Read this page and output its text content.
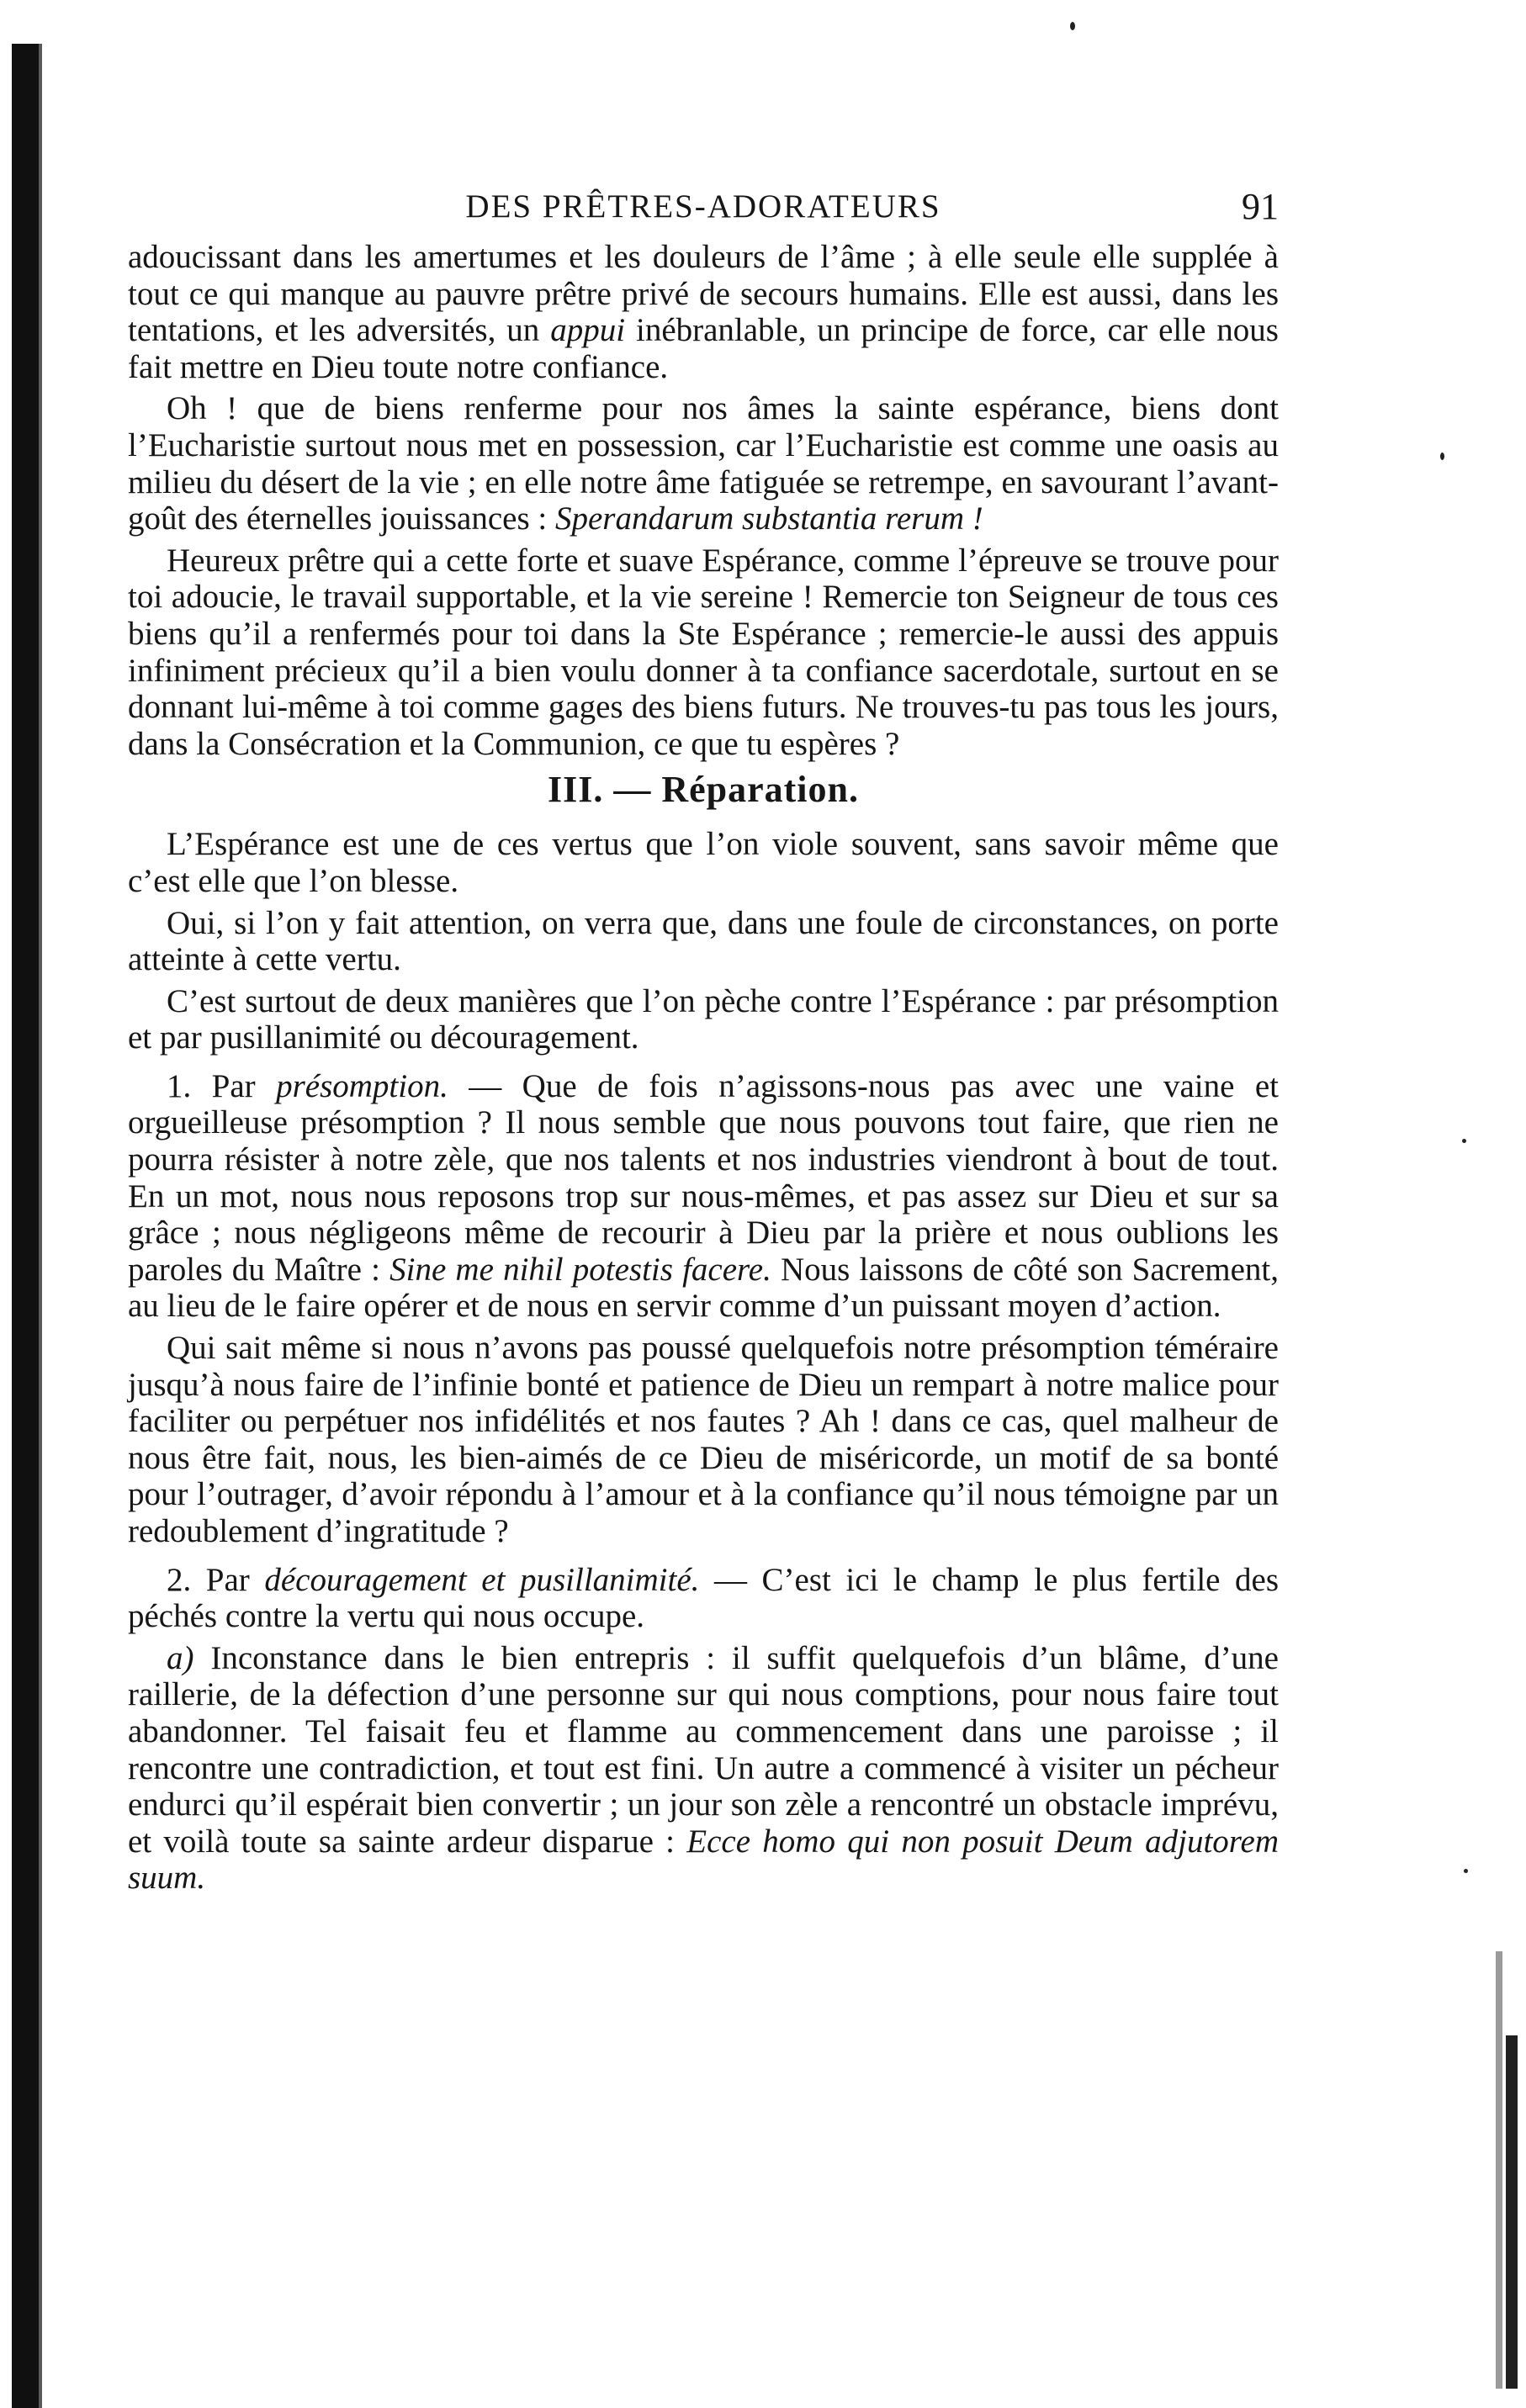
DES PRÊTRES-ADORATEURS	91

adoucissant dans les amertumes et les douleurs de l’âme ; à elle seule elle supplée à tout ce qui manque au pauvre prêtre privé de secours humains. Elle est aussi, dans les tentations, et les adversités, un appui inébranlable, un principe de force, car elle nous fait mettre en Dieu toute notre confiance.

Oh ! que de biens renferme pour nos âmes la sainte espérance, biens dont l’Eucharistie surtout nous met en possession, car l’Eucharistie est comme une oasis au milieu du désert de la vie ; en elle notre âme fatiguée se retrempe, en savourant l’avant-goût des éternelles jouissances : Sperandarum substantia rerum !

Heureux prêtre qui a cette forte et suave Espérance, comme l’épreuve se trouve pour toi adoucie, le travail supportable, et la vie sereine ! Remercie ton Seigneur de tous ces biens qu’il a renfermés pour toi dans la Ste Espérance ; remercie-le aussi des appuis infiniment précieux qu’il a bien voulu donner à ta confiance sacerdotale, surtout en se donnant lui-même à toi comme gages des biens futurs. Ne trouves-tu pas tous les jours, dans la Consécration et la Communion, ce que tu espères ?

III. — Réparation.

L’Espérance est une de ces vertus que l’on viole souvent, sans savoir même que c’est elle que l’on blesse.

Oui, si l’on y fait attention, on verra que, dans une foule de circonstances, on porte atteinte à cette vertu.

C’est surtout de deux manières que l’on pèche contre l’Espérance : par présomption et par pusillanimité ou découragement.

1. Par présomption. — Que de fois n’agissons-nous pas avec une vaine et orgueilleuse présomption ? Il nous semble que nous pouvons tout faire, que rien ne pourra résister à notre zèle, que nos talents et nos industries viendront à bout de tout. En un mot, nous nous reposons trop sur nous-mêmes, et pas assez sur Dieu et sur sa grâce ; nous négligeons même de recourir à Dieu par la prière et nous oublions les paroles du Maître : Sine me nihil potestis facere. Nous laissons de côté son Sacrement, au lieu de le faire opérer et de nous en servir comme d’un puissant moyen d’action.

Qui sait même si nous n’avons pas poussé quelquefois notre présomption téméraire jusqu’à nous faire de l’infinie bonté et patience de Dieu un rempart à notre malice pour faciliter ou perpétuer nos infidélités et nos fautes ? Ah ! dans ce cas, quel malheur de nous être fait, nous, les bien-aimés de ce Dieu de miséricorde, un motif de sa bonté pour l’outrager, d’avoir répondu à l’amour et à la confiance qu’il nous témoigne par un redoublement d’ingratitude ?

2. Par découragement et pusillanimité. — C’est ici le champ le plus fertile des péchés contre la vertu qui nous occupe.

a) Inconstance dans le bien entrepris : il suffit quelquefois d’un blâme, d’une raillerie, de la défection d’une personne sur qui nous comptions, pour nous faire tout abandonner. Tel faisait feu et flamme au commencement dans une paroisse ; il rencontre une contradiction, et tout est fini. Un autre a commencé à visiter un pécheur endurci qu’il espérait bien convertir ; un jour son zèle a rencontré un obstacle imprévu, et voilà toute sa sainte ardeur disparue : Ecce homo qui non posuit Deum adjutorem suum.
